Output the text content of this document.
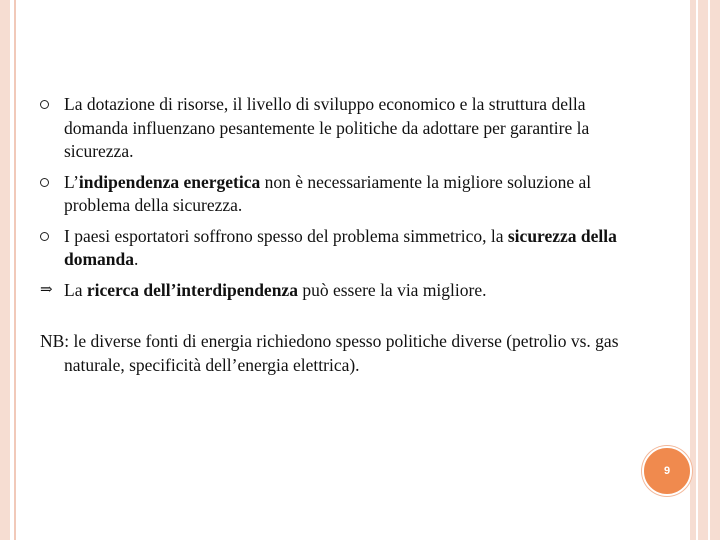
La dotazione di risorse, il livello di sviluppo economico e la struttura della domanda influenzano pesantemente le politiche da adottare per garantire la sicurezza.
L’indipendenza energetica non è necessariamente la migliore soluzione al problema della sicurezza.
I paesi esportatori soffrono spesso del problema simmetrico, la sicurezza della domanda.
⇒ La ricerca dell’interdipendenza può essere la via migliore.
NB: le diverse fonti di energia richiedono spesso politiche diverse (petrolio vs. gas naturale, specificità dell’energia elettrica).
9
